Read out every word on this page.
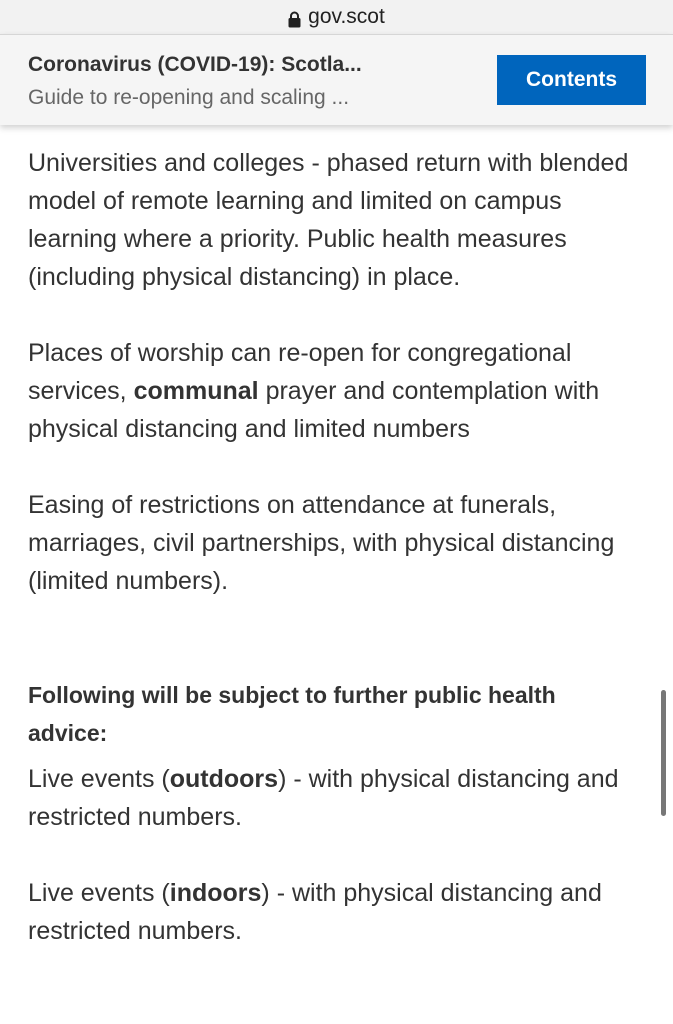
gov.scot
Coronavirus (COVID-19): Scotla...
Guide to re-opening and scaling ...
Contents

Universities and colleges - phased return with blended model of remote learning and limited on campus learning where a priority. Public health measures (including physical distancing) in place.

Places of worship can re-open for congregational services, communal prayer and contemplation with physical distancing and limited numbers

Easing of restrictions on attendance at funerals, marriages, civil partnerships, with physical distancing (limited numbers).

Following will be subject to further public health advice:

Live events (outdoors) - with physical distancing and restricted numbers.

Live events (indoors) - with physical distancing and restricted numbers.
